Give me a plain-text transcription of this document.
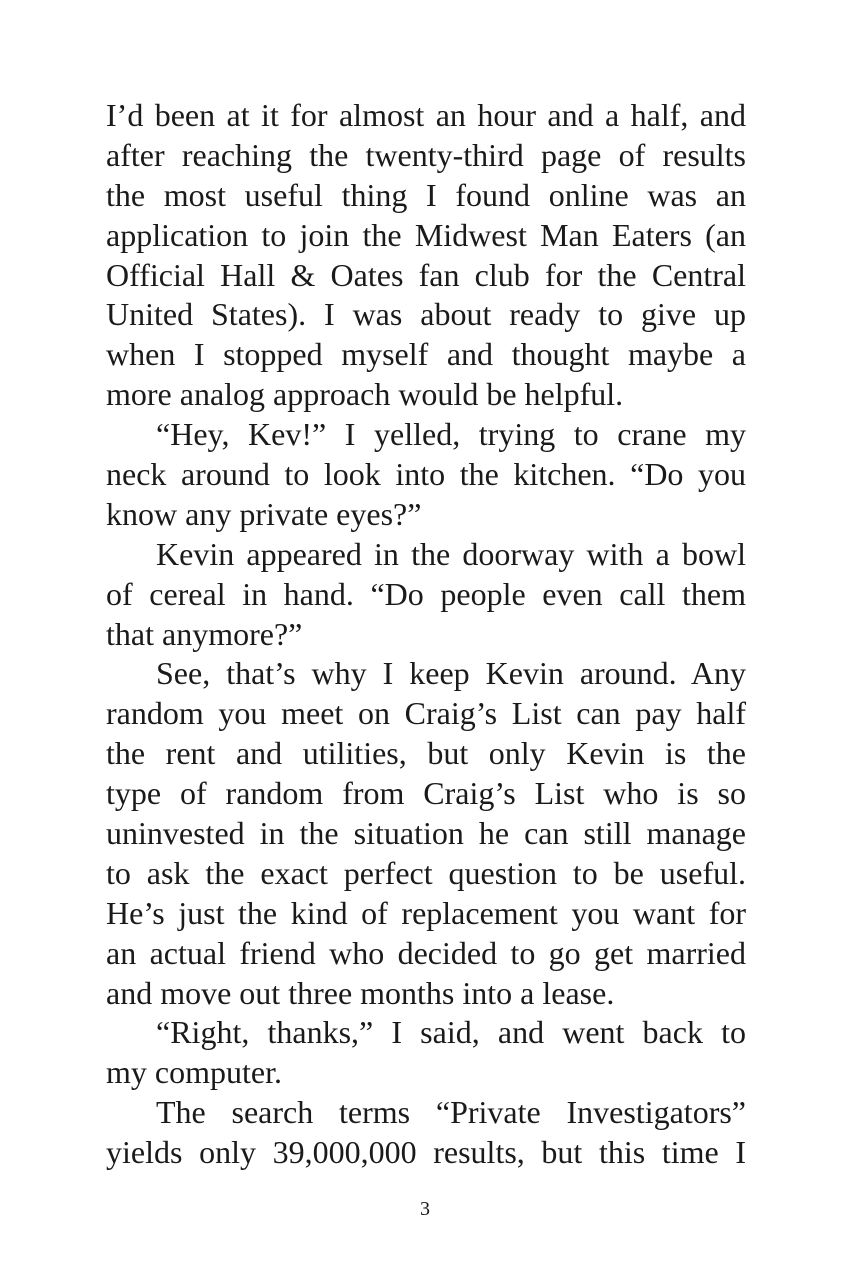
I’d been at it for almost an hour and a half, and
after reaching the twenty-third page of results
the most useful thing I found online was an
application to join the Midwest Man Eaters (an
Official Hall & Oates fan club for the Central
United States). I was about ready to give up
when I stopped myself and thought maybe a
more analog approach would be helpful.
“Hey, Kev!” I yelled, trying to crane my
neck around to look into the kitchen. “Do you
know any private eyes?”
Kevin appeared in the doorway with a bowl
of cereal in hand. “Do people even call them
that anymore?”
See, that’s why I keep Kevin around. Any
random you meet on Craig’s List can pay half
the rent and utilities, but only Kevin is the
type of random from Craig’s List who is so
uninvested in the situation he can still manage
to ask the exact perfect question to be useful.
He’s just the kind of replacement you want for
an actual friend who decided to go get married
and move out three months into a lease.
“Right, thanks,” I said, and went back to
my computer.
The search terms “Private Investigators”
yields only 39,000,000 results, but this time I
3
